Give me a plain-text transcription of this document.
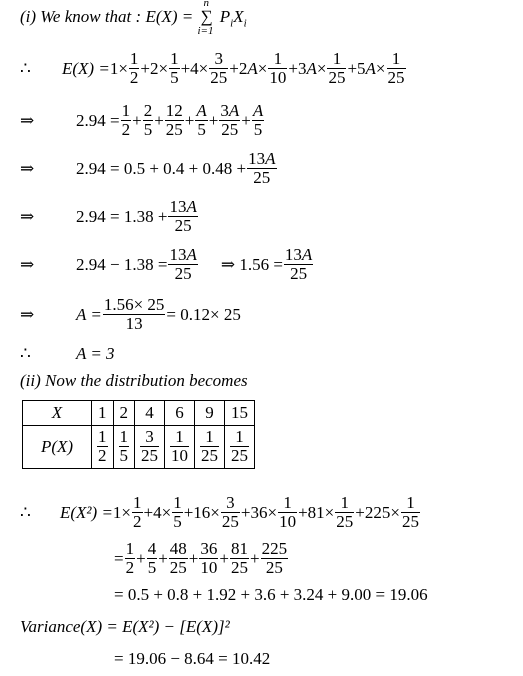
(i) We know that : E(X) = ∑
n
i=1
$P_iX_i$
∴	$E(X) = 1\times \frac{1}{2} +2\times \frac{1}{5} +4\times \frac{3}{25} +2A\times \frac{1}{10} +3A\times \frac{1}{25} +5A\times \frac{1}{25}$
⇒	$2.94 = \frac{1}{2} + \frac{2}{5} + \frac{12}{25} + \frac{A}{5} + \frac{3A}{25} + \frac{A}{5}$
⇒	$2.94 = 0.5 + 0.4 + 0.48 + \frac{13A}{25}$
⇒	$2.94 = 1.38 + \frac{13A}{25}$
⇒	$2.94 - 1.38 = \frac{13A}{25}$ ⇒ $1.56 = \frac{13A}{25}$
⇒	$A = \frac{1.56\times 25}{13} = 0.12\times 25$
∴	A = 3
(ii) Now the distribution becomes
X	1	2	4	6	9	15
P(X)	$\frac{1}{2}$	$\frac{1}{5}$	$\frac{3}{25}$	$\frac{1}{10}$	$\frac{1}{25}$	$\frac{1}{25}$
∴	$E(X^2) = 1\times \frac{1}{2} +4\times \frac{1}{5} +16\times \frac{3}{25} +36\times \frac{1}{10} +81\times \frac{1}{25} +225\times \frac{1}{25}$
= $\frac{1}{2} + \frac{4}{5} + \frac{48}{25} + \frac{36}{10} + \frac{81}{25} + \frac{225}{25}$
= 0.5 + 0.8 + 1.92 + 3.6 + 3.24 + 9.00 = 19.06
Variance(X) = E(X²) − [E(X)]²
= 19.06 − 8.64 = 10.42
